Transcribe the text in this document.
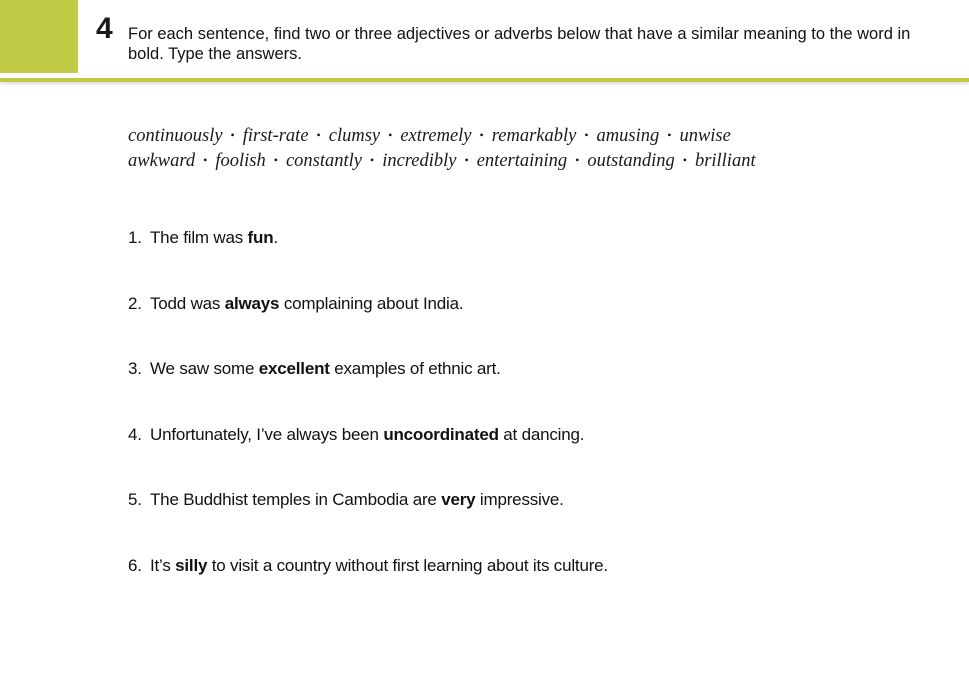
4 For each sentence, find two or three adjectives or adverbs below that have a similar meaning to the word in bold. Type the answers.
continuously • first-rate • clumsy • extremely • remarkably • amusing • unwise
awkward • foolish • constantly • incredibly • entertaining • outstanding • brilliant
1. The film was fun.
2. Todd was always complaining about India.
3. We saw some excellent examples of ethnic art.
4. Unfortunately, I’ve always been uncoordinated at dancing.
5. The Buddhist temples in Cambodia are very impressive.
6. It’s silly to visit a country without first learning about its culture.
